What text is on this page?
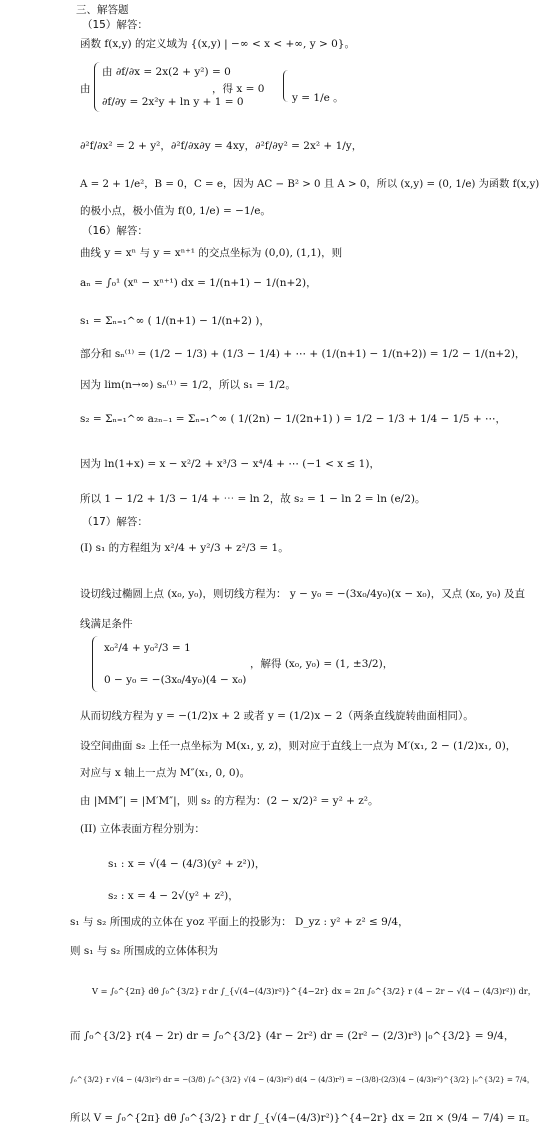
三、解答题
（15）解答：
函数 f(x,y) 的定义域为 {(x,y) | −∞ < x < +∞, y > 0}。
由
由 ∂f/∂x = 2x(2 + y²) = 0
∂f/∂y = 2x²y + ln y + 1 = 0
，得 x = 0
y = 1/e 。
∂²f/∂x² = 2 + y²，∂²f/∂x∂y = 4xy，∂²f/∂y² = 2x² + 1/y，
A = 2 + 1/e²，B = 0，C = e，因为 AC − B² > 0 且 A > 0，所以 (x,y) = (0, 1/e) 为函数 f(x,y)
的极小点，极小值为 f(0, 1/e) = −1/e。
（16）解答：
曲线 y = xⁿ 与 y = xⁿ⁺¹ 的交点坐标为 (0,0), (1,1)，则
aₙ = ∫₀¹ (xⁿ − xⁿ⁺¹) dx = 1/(n+1) − 1/(n+2)，
s₁ = Σₙ₌₁^∞ ( 1/(n+1) − 1/(n+2) )，
部分和 sₙ⁽¹⁾ = (1/2 − 1/3) + (1/3 − 1/4) + ⋯ + (1/(n+1) − 1/(n+2)) = 1/2 − 1/(n+2)，
因为 lim(n→∞) sₙ⁽¹⁾ = 1/2，所以 s₁ = 1/2。
s₂ = Σₙ₌₁^∞ a₂ₙ₋₁ = Σₙ₌₁^∞ ( 1/(2n) − 1/(2n+1) ) = 1/2 − 1/3 + 1/4 − 1/5 + ⋯，
因为 ln(1+x) = x − x²/2 + x³/3 − x⁴/4 + ⋯ (−1 < x ≤ 1)，
所以 1 − 1/2 + 1/3 − 1/4 + ⋯ = ln 2，故 s₂ = 1 − ln 2 = ln (e/2)。
（17）解答：
(I) s₁ 的方程组为 x²/4 + y²/3 + z²/3 = 1。
设切线过椭圆上点 (x₀, y₀)，则切线方程为： y − y₀ = −(3x₀/4y₀)(x − x₀)，又点 (x₀, y₀) 及直
线满足条件
x₀²/4 + y₀²/3 = 1
0 − y₀ = −(3x₀/4y₀)(4 − x₀)
，解得 (x₀, y₀) = (1, ±3/2)，
从而切线方程为 y = −(1/2)x + 2 或者 y = (1/2)x − 2（两条直线旋转曲面相同）。
设空间曲面 s₂ 上任一点坐标为 M(x₁, y, z)，则对应于直线上一点为 M′(x₁, 2 − (1/2)x₁, 0)，
对应与 x 轴上一点为 M″(x₁, 0, 0)。
由 |MM″| = |M′M″|，则 s₂ 的方程为：(2 − x/2)² = y² + z²。
(II) 立体表面方程分别为：
s₁ : x = √(4 − (4/3)(y² + z²))，
s₂ : x = 4 − 2√(y² + z²)，
s₁ 与 s₂ 所围成的立体在 yoz 平面上的投影为： D_yz : y² + z² ≤ 9/4，
则 s₁ 与 s₂ 所围成的立体体积为
V = ∫₀^{2π} dθ ∫₀^{3/2} r dr ∫_{√(4−(4/3)r²)}^{4−2r} dx = 2π ∫₀^{3/2} r (4 − 2r − √(4 − (4/3)r²)) dr，
而 ∫₀^{3/2} r(4 − 2r) dr = ∫₀^{3/2} (4r − 2r²) dr = (2r² − (2/3)r³) |₀^{3/2} = 9/4，
∫₀^{3/2} r √(4 − (4/3)r²) dr = −(3/8) ∫₀^{3/2} √(4 − (4/3)r²) d(4 − (4/3)r²) = −(3/8)·(2/3)(4 − (4/3)r²)^{3/2} |₀^{3/2} = 7/4，
所以 V = ∫₀^{2π} dθ ∫₀^{3/2} r dr ∫_{√(4−(4/3)r²)}^{4−2r} dx = 2π × (9/4 − 7/4) = π。
